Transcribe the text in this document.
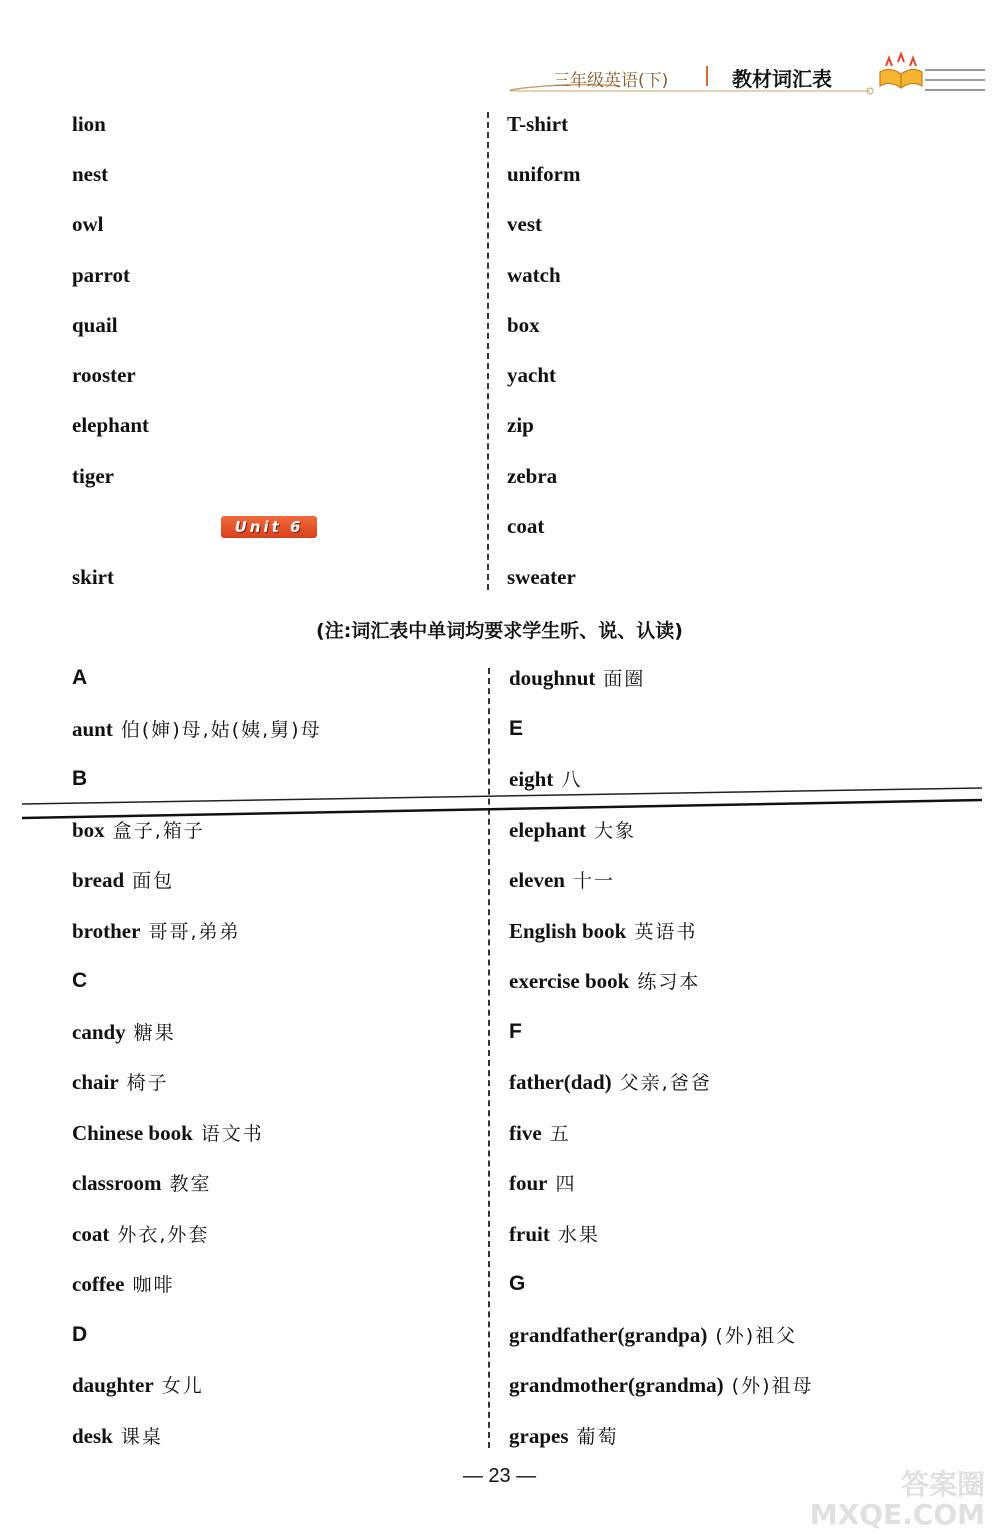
三年级英语(下)	教材词汇表
lion
nest
owl
parrot
quail
rooster
elephant
tiger
Unit 6
skirt
T-shirt
uniform
vest
watch
box
yacht
zip
zebra
coat
sweater
(注:词汇表中单词均要求学生听、说、认读)
A
aunt 伯(婶)母,姑(姨,舅)母
B
box 盒子,箱子
bread 面包
brother 哥哥,弟弟
C
candy 糖果
chair 椅子
Chinese book 语文书
classroom 教室
coat 外衣,外套
coffee 咖啡
D
daughter 女儿
desk 课桌
doughnut 面圈
E
eight 八
elephant 大象
eleven 十一
English book 英语书
exercise book 练习本
F
father(dad) 父亲,爸爸
five 五
four 四
fruit 水果
G
grandfather(grandpa) (外)祖父
grandmother(grandma) (外)祖母
grapes 葡萄
— 23 —	答案圈 MXQE.COM
